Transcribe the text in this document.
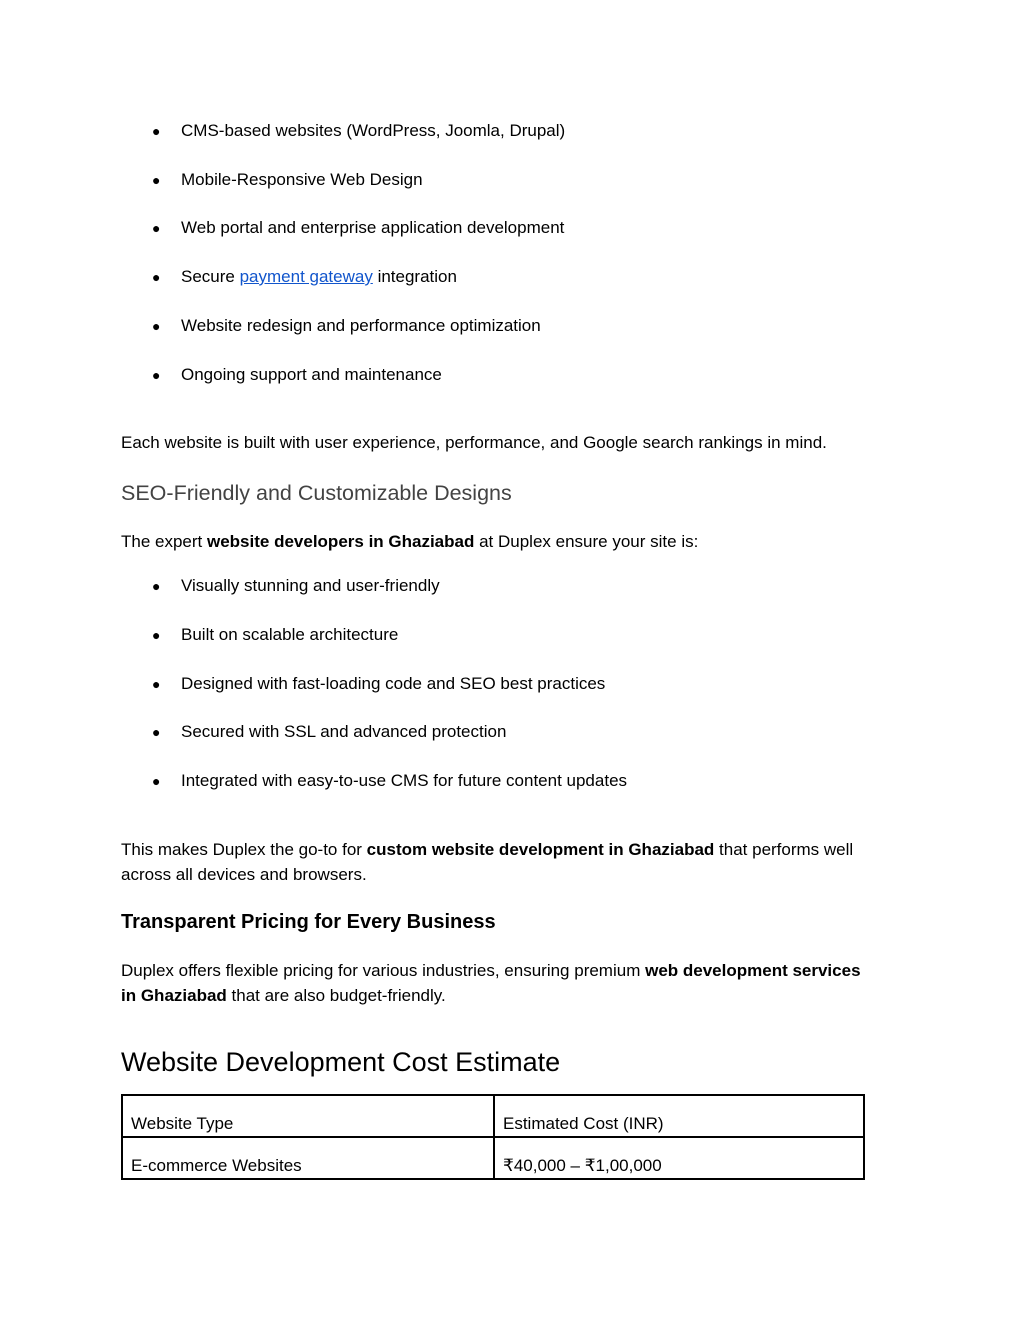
● CMS-based websites (WordPress, Joomla, Drupal)
● Mobile-Responsive Web Design
● Web portal and enterprise application development
● Secure payment gateway integration
● Website redesign and performance optimization
● Ongoing support and maintenance
Each website is built with user experience, performance, and Google search rankings in mind.
SEO-Friendly and Customizable Designs
The expert website developers in Ghaziabad at Duplex ensure your site is:
● Visually stunning and user-friendly
● Built on scalable architecture
● Designed with fast-loading code and SEO best practices
● Secured with SSL and advanced protection
● Integrated with easy-to-use CMS for future content updates
This makes Duplex the go-to for custom website development in Ghaziabad that performs well across all devices and browsers.
Transparent Pricing for Every Business
Duplex offers flexible pricing for various industries, ensuring premium web development services in Ghaziabad that are also budget-friendly.
Website Development Cost Estimate
Website Type	Estimated Cost (INR)
E-commerce Websites	₹40,000 – ₹1,00,000
